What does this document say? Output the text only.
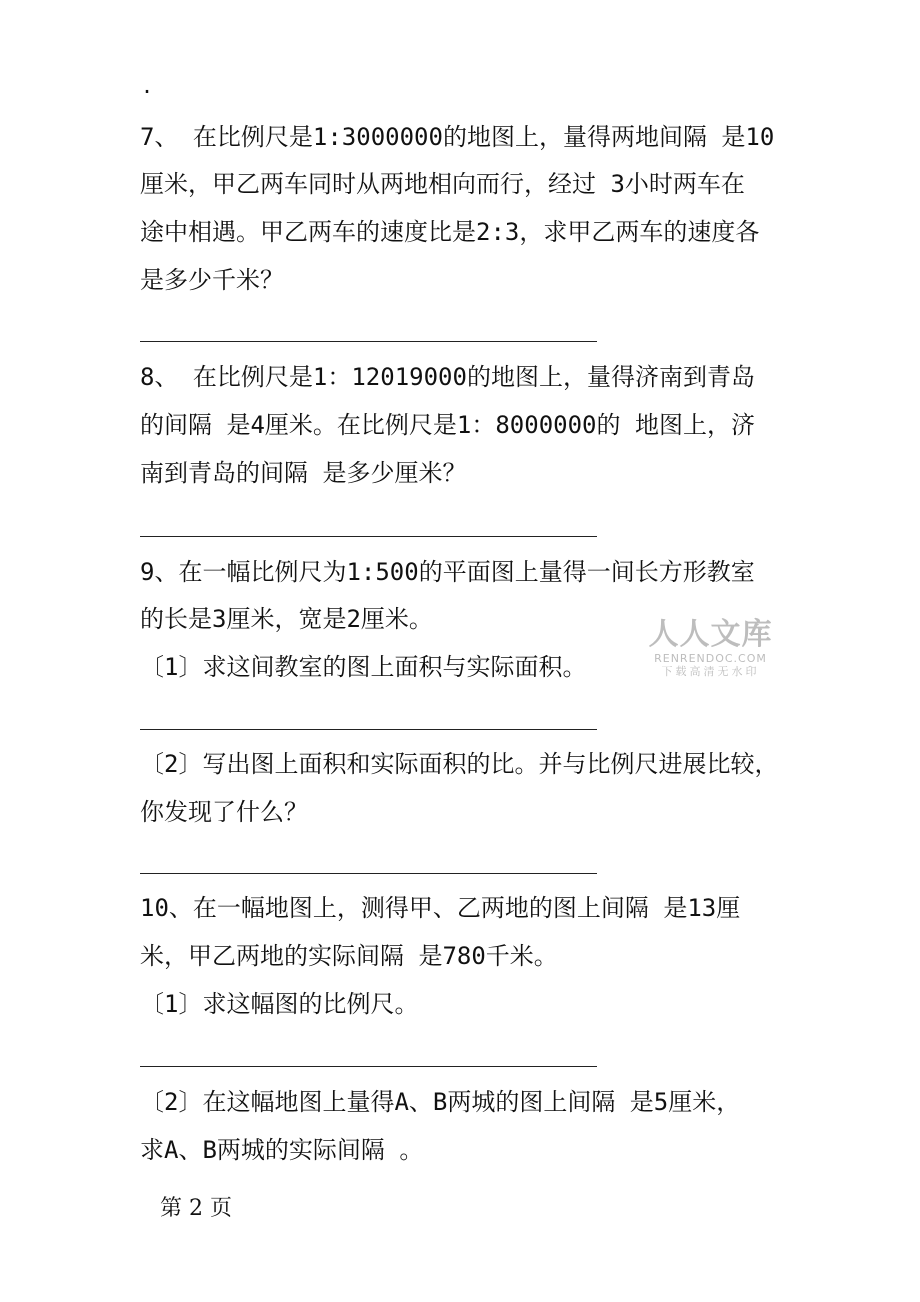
.
7、 在比例尺是1:3000000的地图上，量得两地间隔 是10
厘米，甲乙两车同时从两地相向而行，经过 3小时两车在
途中相遇。甲乙两车的速度比是2:3，求甲乙两车的速度各
是多少千米？
8、 在比例尺是1：12019000的地图上，量得济南到青岛
的间隔 是4厘米。在比例尺是1：8000000的 地图上，济
南到青岛的间隔 是多少厘米？
9、在一幅比例尺为1:500的平面图上量得一间长方形教室
的长是3厘米，宽是2厘米。
〔1〕求这间教室的图上面积与实际面积。
〔2〕写出图上面积和实际面积的比。并与比例尺进展比较，
你发现了什么？
10、在一幅地图上，测得甲、乙两地的图上间隔 是13厘
米，甲乙两地的实际间隔 是780千米。
〔1〕求这幅图的比例尺。
〔2〕在这幅地图上量得A、B两城的图上间隔 是5厘米，
求A、B两城的实际间隔 。
人人文库
RENRENDOC.COM
下载高清无水印
第 2 页
